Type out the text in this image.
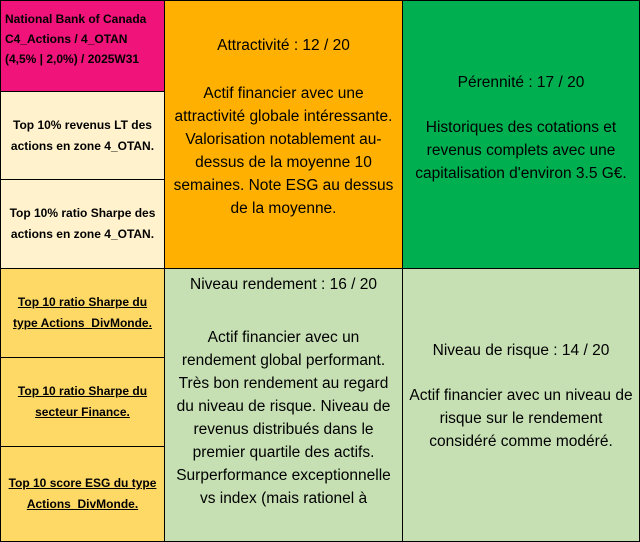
National Bank of Canada
C4_Actions / 4_OTAN
(4,5% | 2,0%) / 2025W31
Top 10% revenus LT des
actions en zone 4_OTAN.
Top 10% ratio Sharpe des
actions en zone 4_OTAN.
Top 10 ratio Sharpe du
type Actions_DivMonde.
Top 10 ratio Sharpe du
secteur Finance.
Top 10 score ESG du type
Actions_DivMonde.

Attractivité : 12 / 20

Actif financier avec une

attractivité globale intéressante.

Valorisation notablement au-

dessus de la moyenne 10

semaines. Note ESG au dessus

de la moyenne.

Pérennité : 17 / 20

Historiques des cotations et

revenus complets avec une

capitalisation d'environ 3.5 G€.

Niveau rendement : 16 / 20

Actif financier avec un

rendement global performant.

Très bon rendement au regard

du niveau de risque. Niveau de

revenus distribués dans le

premier quartile des actifs.

Surperformance exceptionnelle

vs index (mais rationel à

Niveau de risque : 14 / 20

Actif financier avec un niveau de

risque sur le rendement

considéré comme modéré.
